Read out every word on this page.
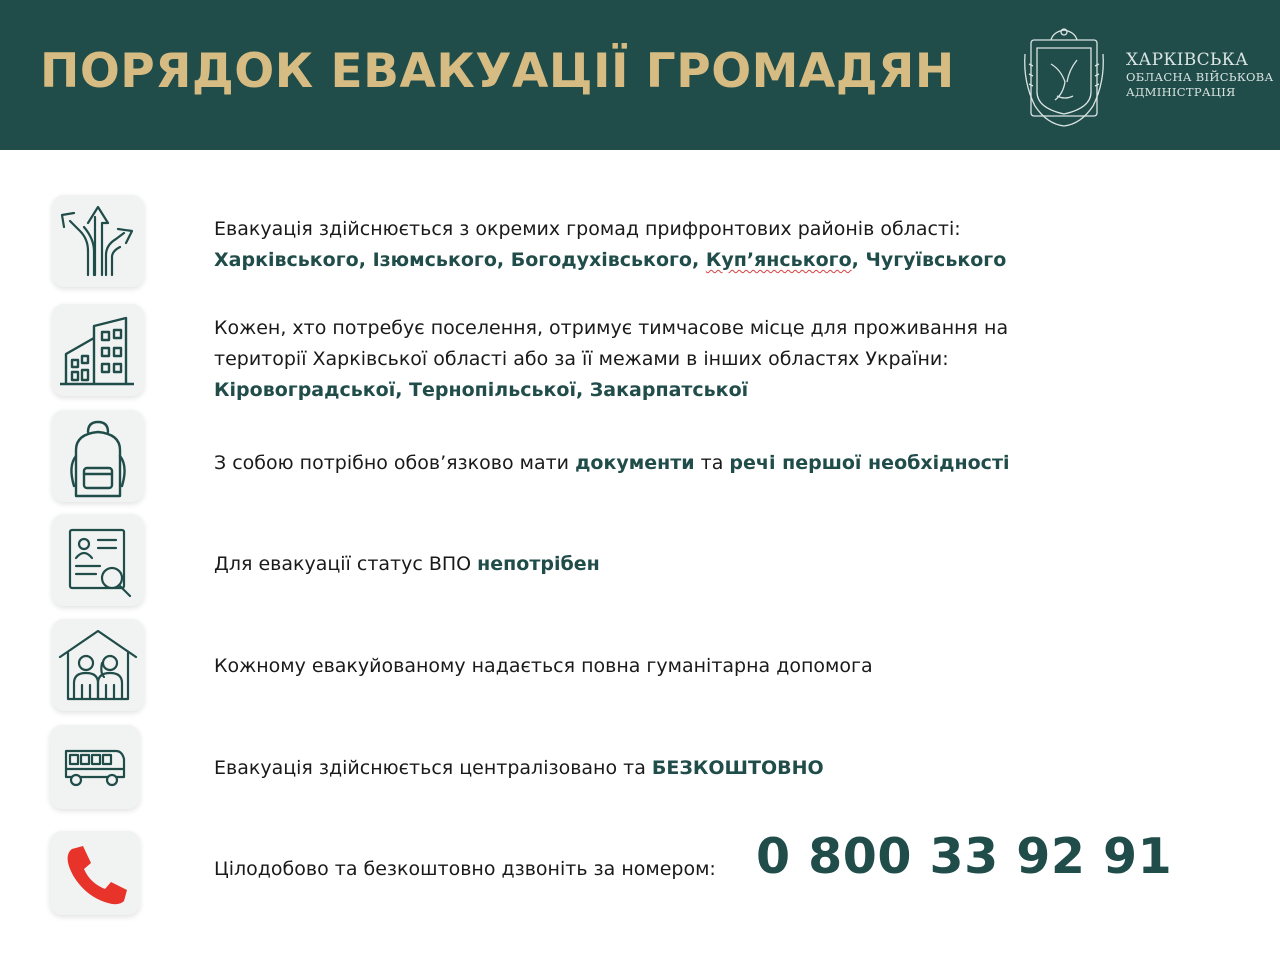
ПОРЯДОК ЕВАКУАЦІЇ ГРОМАДЯН	ХАРКІВСЬКА
ОБЛАСНА ВІЙСЬКОВА
АДМІНІСТРАЦІЯ
Евакуація здійснюється з окремих громад прифронтових районів області:
Харківського, Ізюмського, Богодухівського, Куп’янського, Чугуївського
Кожен, хто потребує поселення, отримує тимчасове місце для проживання на
території Харківської області або за її межами в інших областях України:
Кіровоградської, Тернопільської, Закарпатської
З собою потрібно обов’язково мати документи та речі першої необхідності
Для евакуації статус ВПО непотрібен
Кожному евакуйованому надається повна гуманітарна допомога
Евакуація здійснюється централізовано та БЕЗКОШТОВНО
Цілодобово та безкоштовно дзвоніть за номером: 0 800 33 92 91
